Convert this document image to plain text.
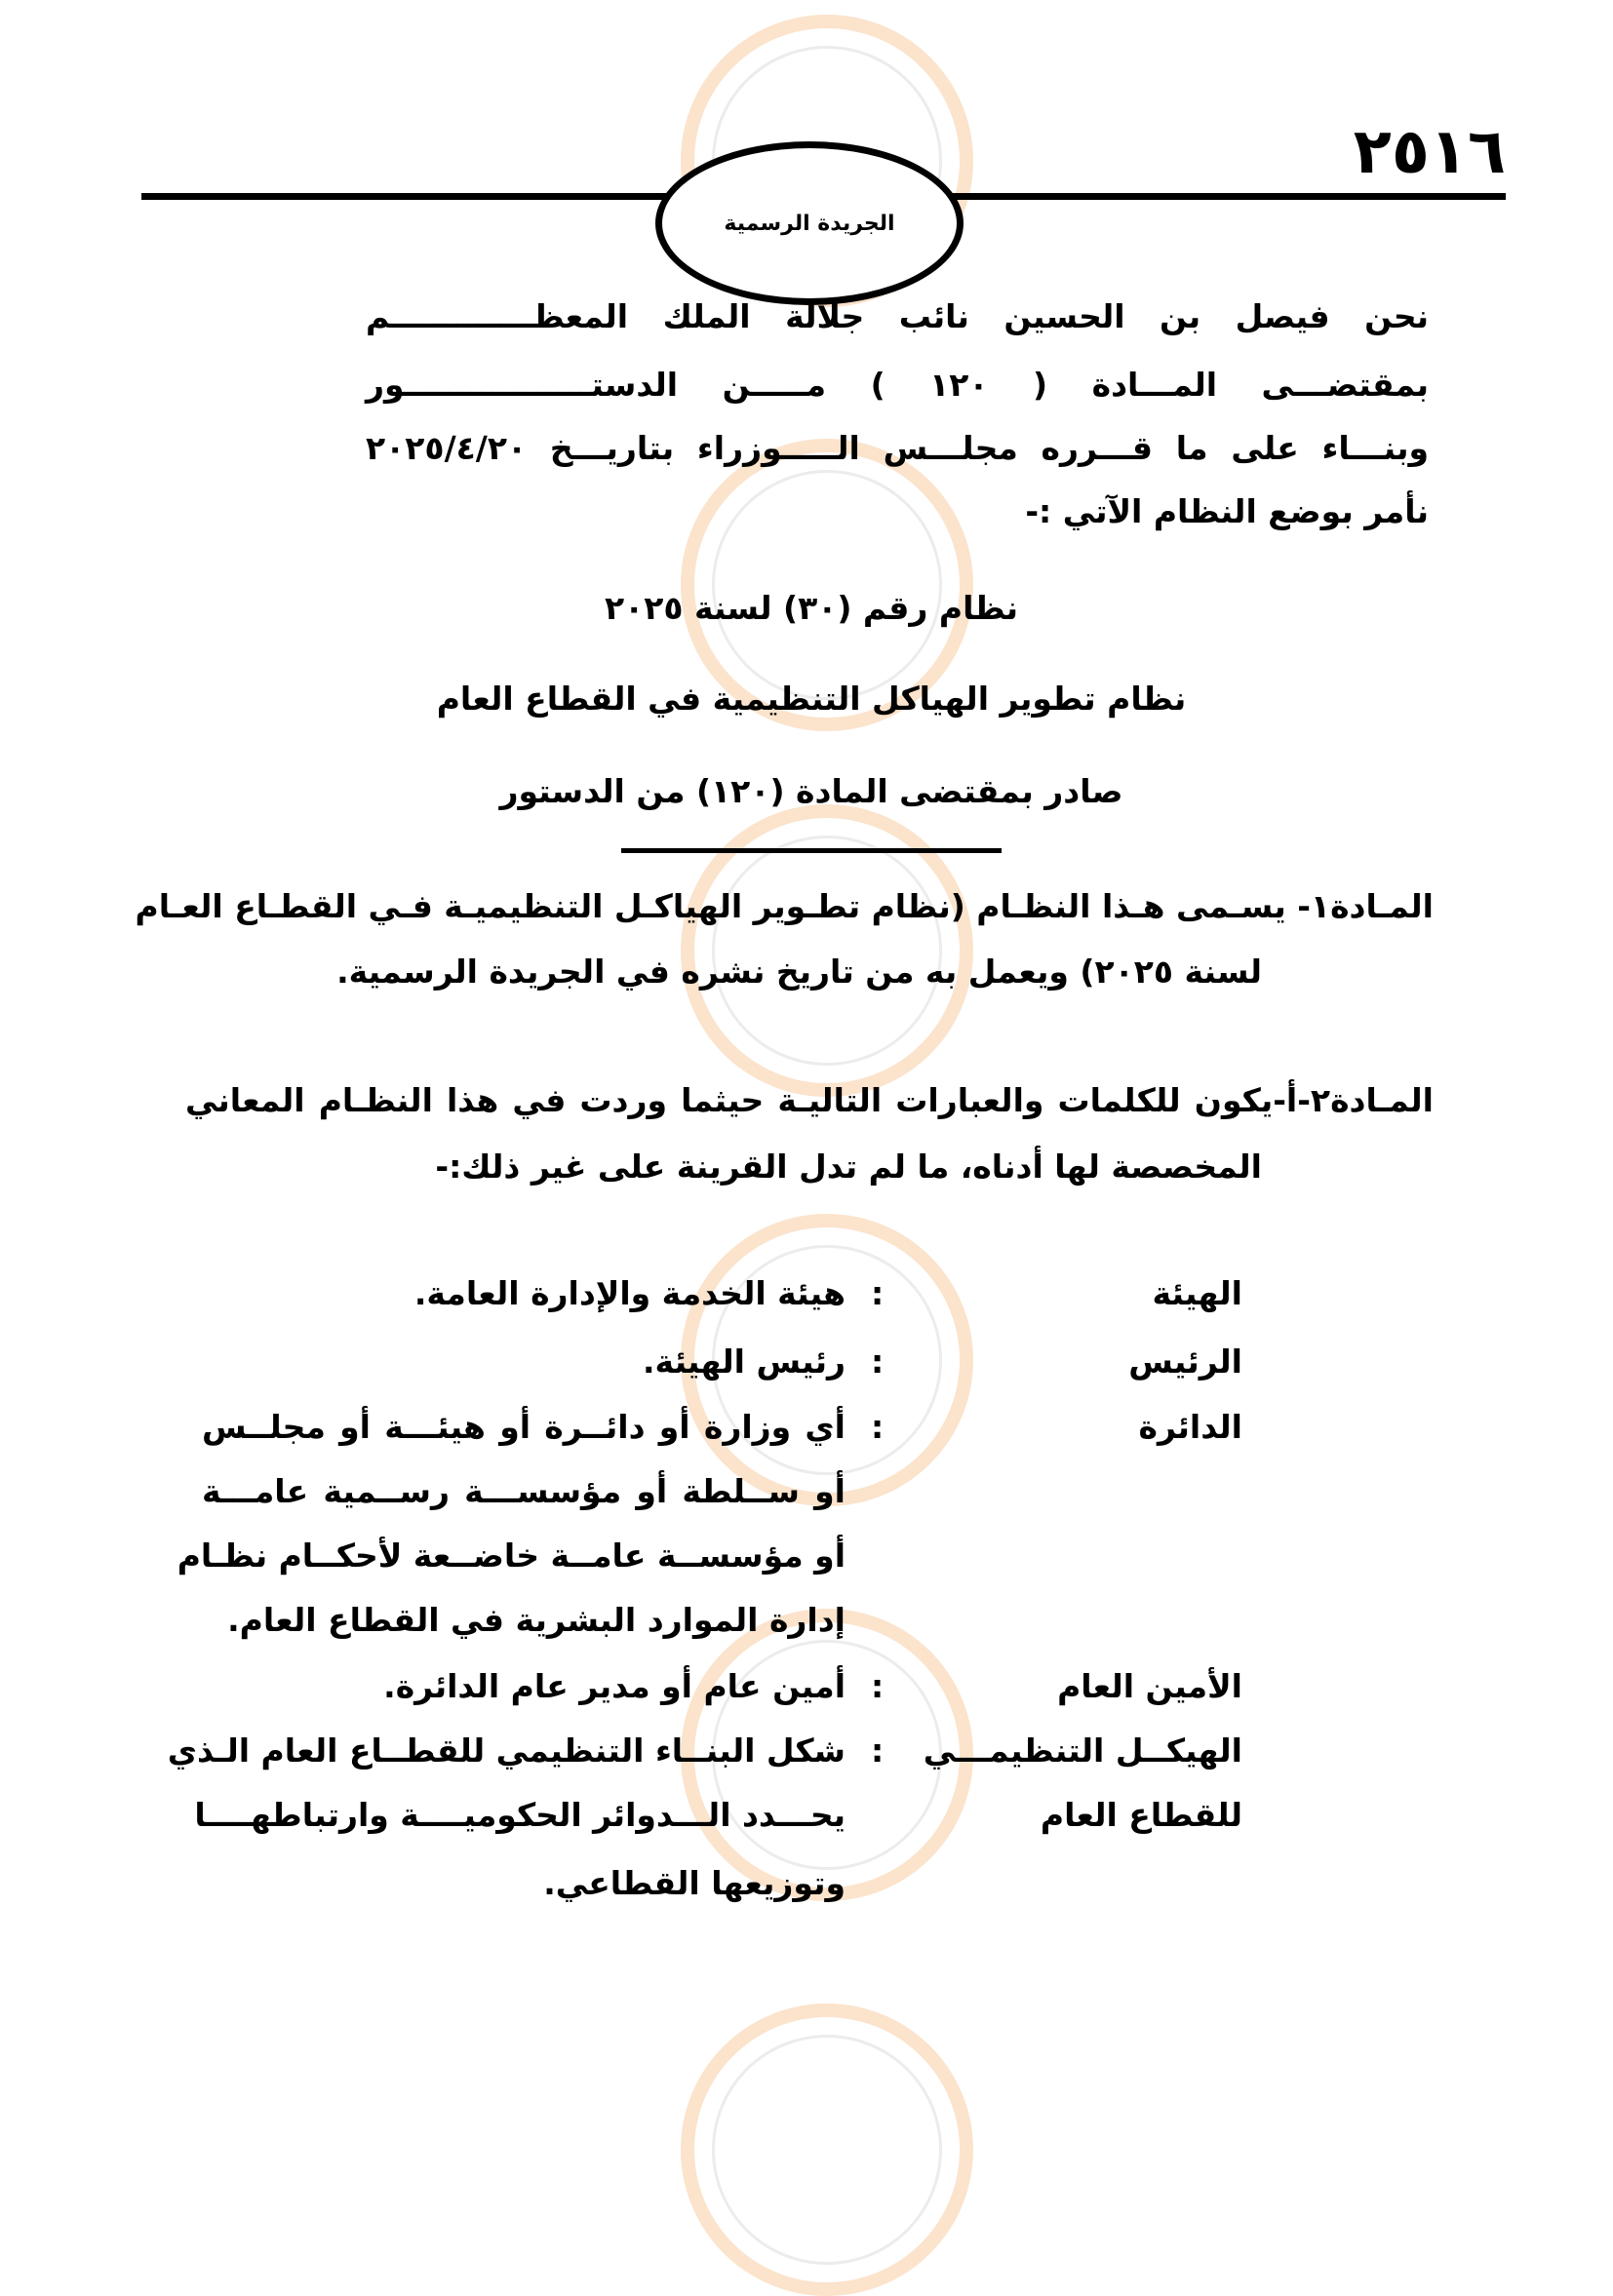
٢٥١٦
الجريدة الرسمية
نحن فيصل بن الحسين نائب جلالة الملك المعظـــــــــــــم
بمقتضـــى المـــادة ( ١٢٠ ) مـــــن الدستـــــــــــــــــور
وبنـــاء على ما قـــرره مجلـــس الـــــوزراء بتاريـــخ ٢٠٢٥/٤/٢٠
نأمر بوضع النظام الآتي :-
نظام رقم (٣٠) لسنة ٢٠٢٥
نظام تطوير الهياكل التنظيمية في القطاع العام
صادر بمقتضى المادة (١٢٠) من الدستور
المـادة١- يسـمى هـذا النظـام (نظام تطـوير الهياكـل التنظيميـة فـي القطـاع العـام
لسنة ٢٠٢٥) ويعمل به من تاريخ نشره في الجريدة الرسمية.
المـادة٢-أ-يكون للكلمات والعبارات التاليـة حيثما وردت في هذا النظـام المعاني
المخصصة لها أدناه، ما لم تدل القرينة على غير ذلك:-
الهيئة
:
هيئة الخدمة والإدارة العامة.
الرئيس
:
رئيس الهيئة.
الدائرة
:
أي وزارة أو دائــرة أو هيئـــة أو مجلــس
أو ســلطة أو مؤسســـة رســمية عامـــة
أو مؤسســة عامــة خاضــعة لأحكــام نظـام
إدارة الموارد البشرية في القطاع العام.
الأمين العام
:
أمين عام أو مدير عام الدائرة.
الهيكــل التنظيمـــي
للقطاع العام
:
شكل البنــاء التنظيمي للقطــاع العام الـذي
يحـــدد الـــدوائر الحكوميــــة وارتباطهــــا
وتوزيعها القطاعي.
